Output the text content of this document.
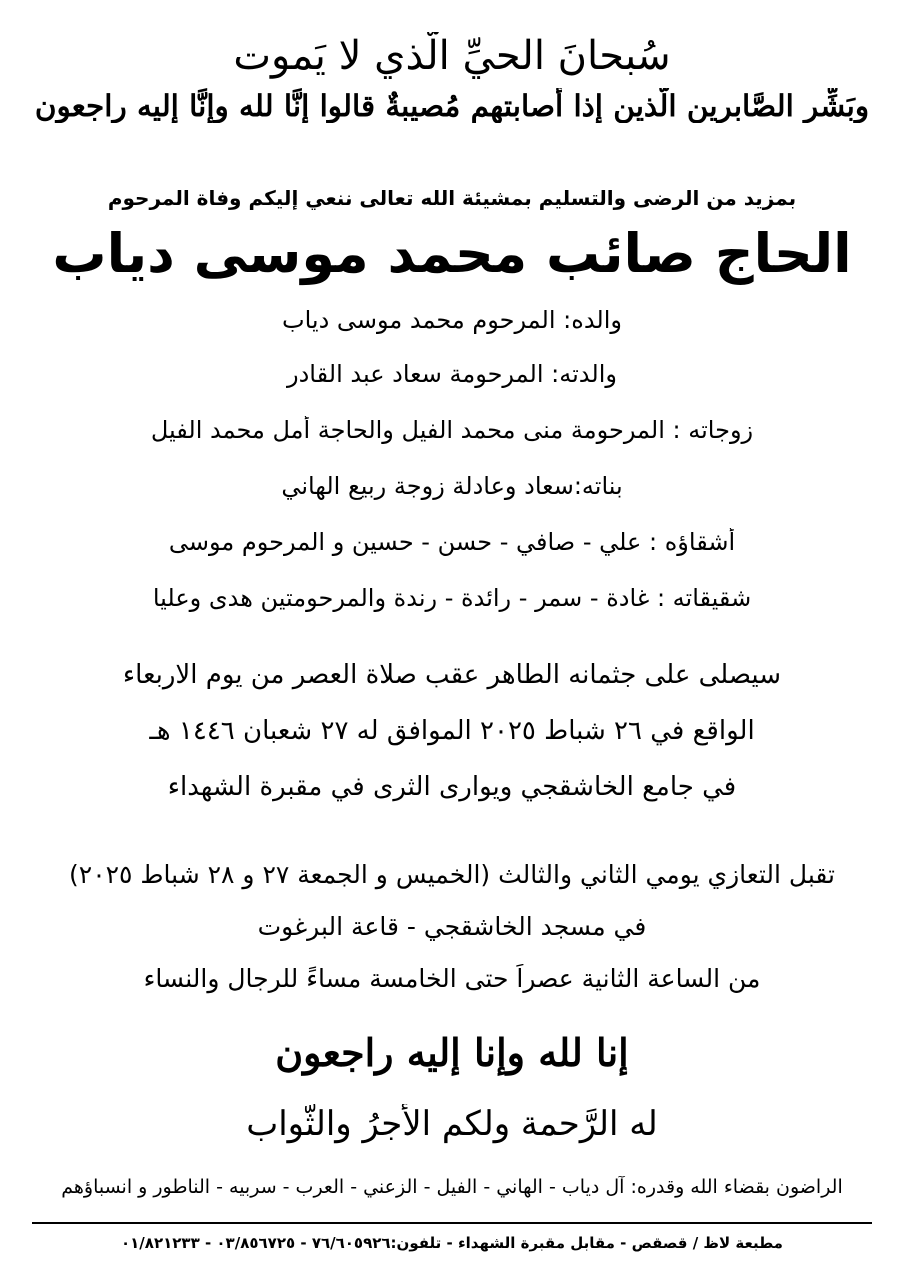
سُبحانَ الحيِّ الَّذي لا يَموت
وبَشِّرِ الصَّابرين الَّذين إذا أصابتهم مُصيبةٌ قالوا إنَّا لله وإنَّا إليه راجعون
بمزيد من الرضى والتسليم بمشيئة الله تعالى ننعي إليكم وفاة المرحوم
الحاج صائب محمد موسى دياب
والده: المرحوم محمد موسى دياب
والدته: المرحومة سعاد عبد القادر
زوجاته : المرحومة منى محمد الفيل والحاجة أمل محمد الفيل
بناته:سعاد وعادلة زوجة ربيع الهاني
أشقاؤه : علي - صافي - حسن - حسين و المرحوم موسى
شقيقاته : غادة - سمر - رائدة - رندة والمرحومتين هدى وعليا
سيصلى على جثمانه الطاهر عقب صلاة العصر من يوم الاربعاء
الواقع في ٢٦ شباط ٢٠٢٥ الموافق له ٢٧ شعبان ١٤٤٦ هـ
في جامع الخاشقجي ويوارى الثرى في مقبرة الشهداء
تقبل التعازي يومي الثاني والثالث (الخميس و الجمعة ٢٧ و ٢٨ شباط ٢٠٢٥)
في مسجد الخاشقجي - قاعة البرغوت
من الساعة الثانية عصراً حتى الخامسة مساءً للرجال والنساء
إنا لله وإنا إليه راجعون
له الرَّحمة ولكم الأجرُ والثَّواب
الراضون بقضاء الله وقدره: آل دياب - الهاني - الفيل - الزعني - العرب - سربيه - الناطور و انسباؤهم
مطبعة لاظ / قصقص - مقابل مقبرة الشهداء - تلفون:٧٦/٦٠٥٩٢٦ - ٠٣/٨٥٦٧٢٥ - ٠١/٨٢١٢٣٣
